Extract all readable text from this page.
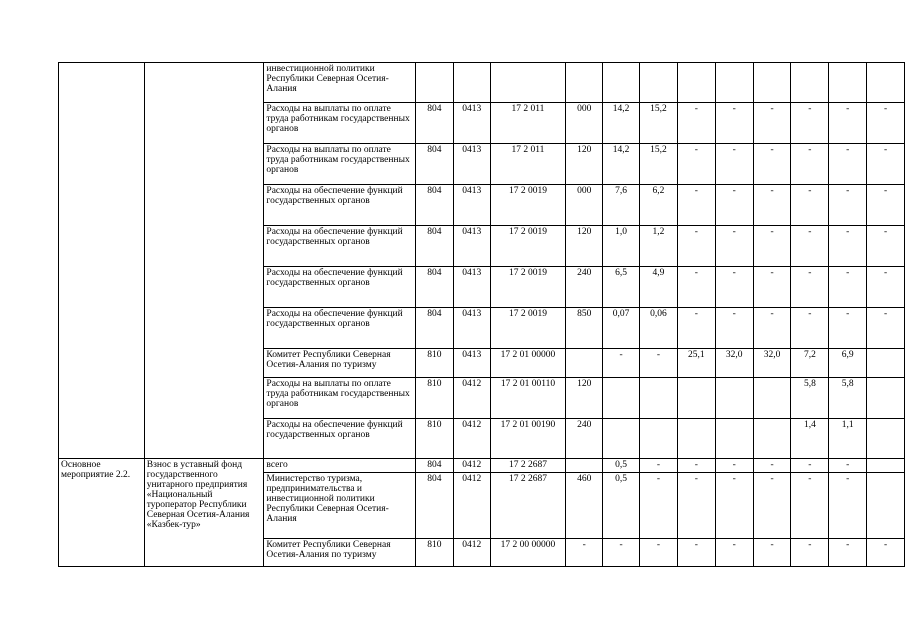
		инвестиционной политики Республики Северная Осетия-Алания												
		Расходы на выплаты по оплате труда работникам государственных органов	804	0413	17 2 011	000	14,2	15,2	-	-	-	-	-	-
		Расходы на выплаты по оплате труда работникам государственных органов	804	0413	17 2 011	120	14,2	15,2	-	-	-	-	-	-
		Расходы на обеспечение функций государственных органов	804	0413	17 2 0019	000	7,6	6,2	-	-	-	-	-	-
		Расходы на обеспечение функций государственных органов	804	0413	17 2 0019	120	1,0	1,2	-	-	-	-	-	-
		Расходы на обеспечение функций государственных органов	804	0413	17 2 0019	240	6,5	4,9	-	-	-	-	-	-
		Расходы на обеспечение функций государственных органов	804	0413	17 2 0019	850	0,07	0,06	-	-	-	-	-	-
		Комитет Республики Северная Осетия-Алания по туризму	810	0413	17 2 01 00000		-	-	25,1	32,0	32,0	7,2	6,9	
		Расходы на выплаты по оплате труда работникам государственных органов	810	0412	17 2 01 00110	120						5,8	5,8	
		Расходы на обеспечение функций государственных органов	810	0412	17 2 01 00190	240						1,4	1,1	
Основное мероприятие 2.2.	Взнос в уставный фонд государственного унитарного предприятия «Национальный туроператор Республики Северная Осетия-Алания «Казбек-тур»	всего	804	0412	17 2 2687		0,5	-	-	-	-	-	-	
		Министерство туризма, предпринимательства и инвестиционной политики Республики Северная Осетия-Алания	804	0412	17 2 2687	460	0,5	-	-	-	-	-	-	
		Комитет Республики Северная Осетия-Алания по туризму	810	0412	17 2 00 00000	-	-	-	-	-	-	-	-	-
